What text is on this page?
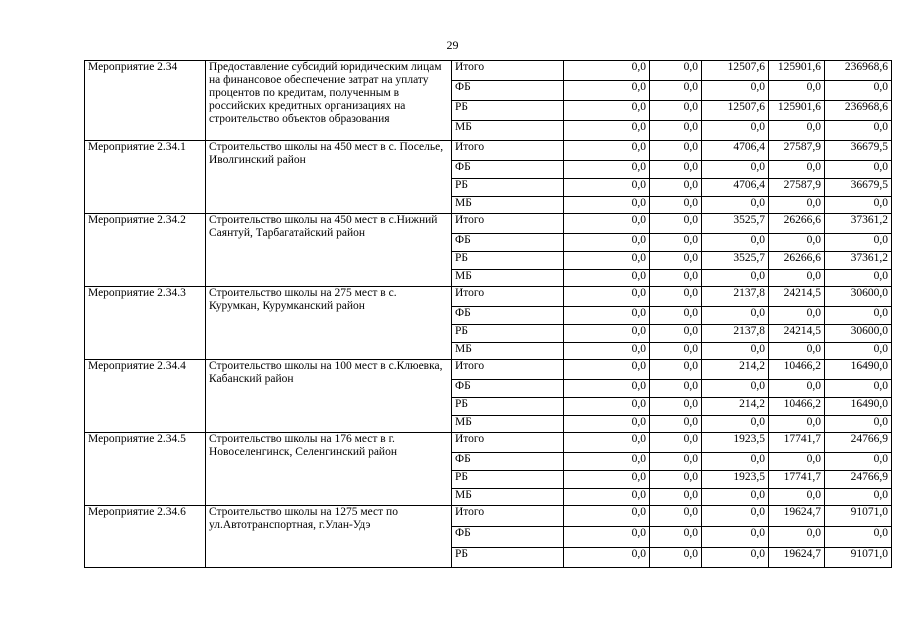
29
Мероприятие 2.34	Предоставление субсидий юридическим лицам на финансовое обеспечение затрат на уплату процентов по кредитам, полученным в российских кредитных организациях на строительство объектов образования	Итого	0,0	0,0	12507,6	125901,6	236968,6
		ФБ	0,0	0,0	0,0	0,0	0,0
		РБ	0,0	0,0	12507,6	125901,6	236968,6
		МБ	0,0	0,0	0,0	0,0	0,0
Мероприятие 2.34.1	Строительство школы на 450 мест в с. Поселье, Иволгинский район	Итого	0,0	0,0	4706,4	27587,9	36679,5
		ФБ	0,0	0,0	0,0	0,0	0,0
		РБ	0,0	0,0	4706,4	27587,9	36679,5
		МБ	0,0	0,0	0,0	0,0	0,0
Мероприятие 2.34.2	Строительство школы на 450 мест в с.Нижний Саянтуй, Тарбагатайский район	Итого	0,0	0,0	3525,7	26266,6	37361,2
		ФБ	0,0	0,0	0,0	0,0	0,0
		РБ	0,0	0,0	3525,7	26266,6	37361,2
		МБ	0,0	0,0	0,0	0,0	0,0
Мероприятие 2.34.3	Строительство школы на 275 мест в с. Курумкан, Курумканский район	Итого	0,0	0,0	2137,8	24214,5	30600,0
		ФБ	0,0	0,0	0,0	0,0	0,0
		РБ	0,0	0,0	2137,8	24214,5	30600,0
		МБ	0,0	0,0	0,0	0,0	0,0
Мероприятие 2.34.4	Строительство школы на 100 мест в с.Клюевка, Кабанский район	Итого	0,0	0,0	214,2	10466,2	16490,0
		ФБ	0,0	0,0	0,0	0,0	0,0
		РБ	0,0	0,0	214,2	10466,2	16490,0
		МБ	0,0	0,0	0,0	0,0	0,0
Мероприятие 2.34.5	Строительство школы на 176 мест в г. Новоселенгинск, Селенгинский район	Итого	0,0	0,0	1923,5	17741,7	24766,9
		ФБ	0,0	0,0	0,0	0,0	0,0
		РБ	0,0	0,0	1923,5	17741,7	24766,9
		МБ	0,0	0,0	0,0	0,0	0,0
Мероприятие 2.34.6	Строительство школы на 1275 мест по ул.Автотранспортная, г.Улан-Удэ	Итого	0,0	0,0	0,0	19624,7	91071,0
		ФБ	0,0	0,0	0,0	0,0	0,0
		РБ	0,0	0,0	0,0	19624,7	91071,0
